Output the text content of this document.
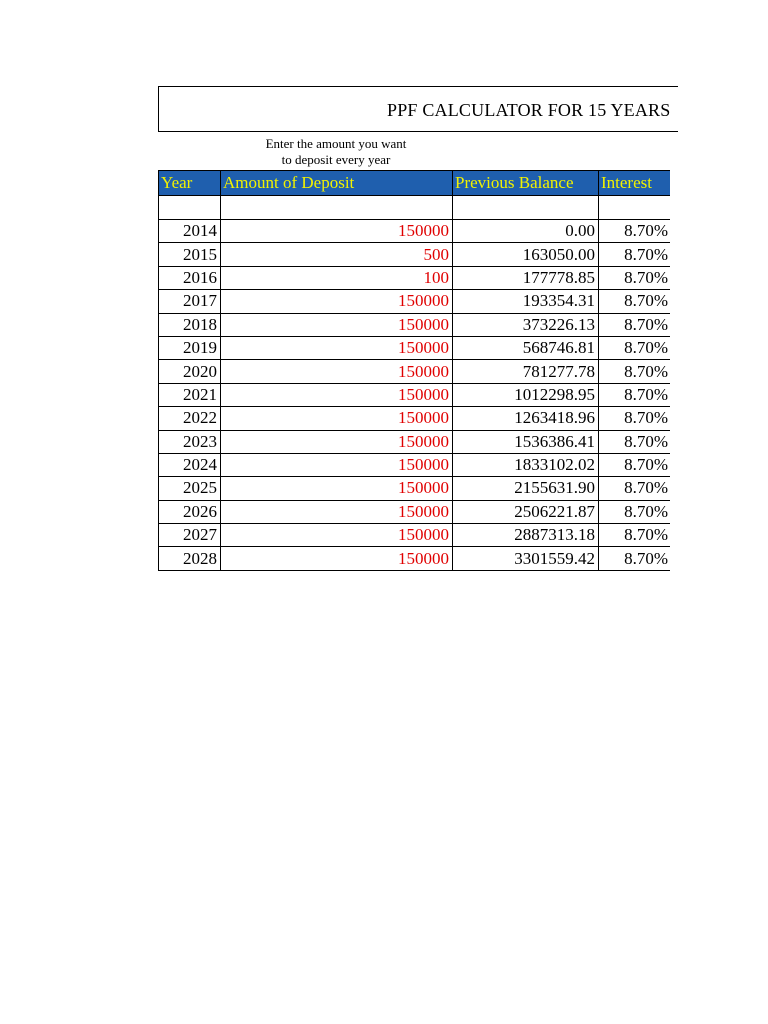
PPF CALCULATOR FOR 15 YEARS
Enter the amount you want
to deposit every year
Year	Amount of Deposit	Previous Balance	Interest

2014	150000	0.00	8.70%
2015	500	163050.00	8.70%
2016	100	177778.85	8.70%
2017	150000	193354.31	8.70%
2018	150000	373226.13	8.70%
2019	150000	568746.81	8.70%
2020	150000	781277.78	8.70%
2021	150000	1012298.95	8.70%
2022	150000	1263418.96	8.70%
2023	150000	1536386.41	8.70%
2024	150000	1833102.02	8.70%
2025	150000	2155631.90	8.70%
2026	150000	2506221.87	8.70%
2027	150000	2887313.18	8.70%
2028	150000	3301559.42	8.70%
